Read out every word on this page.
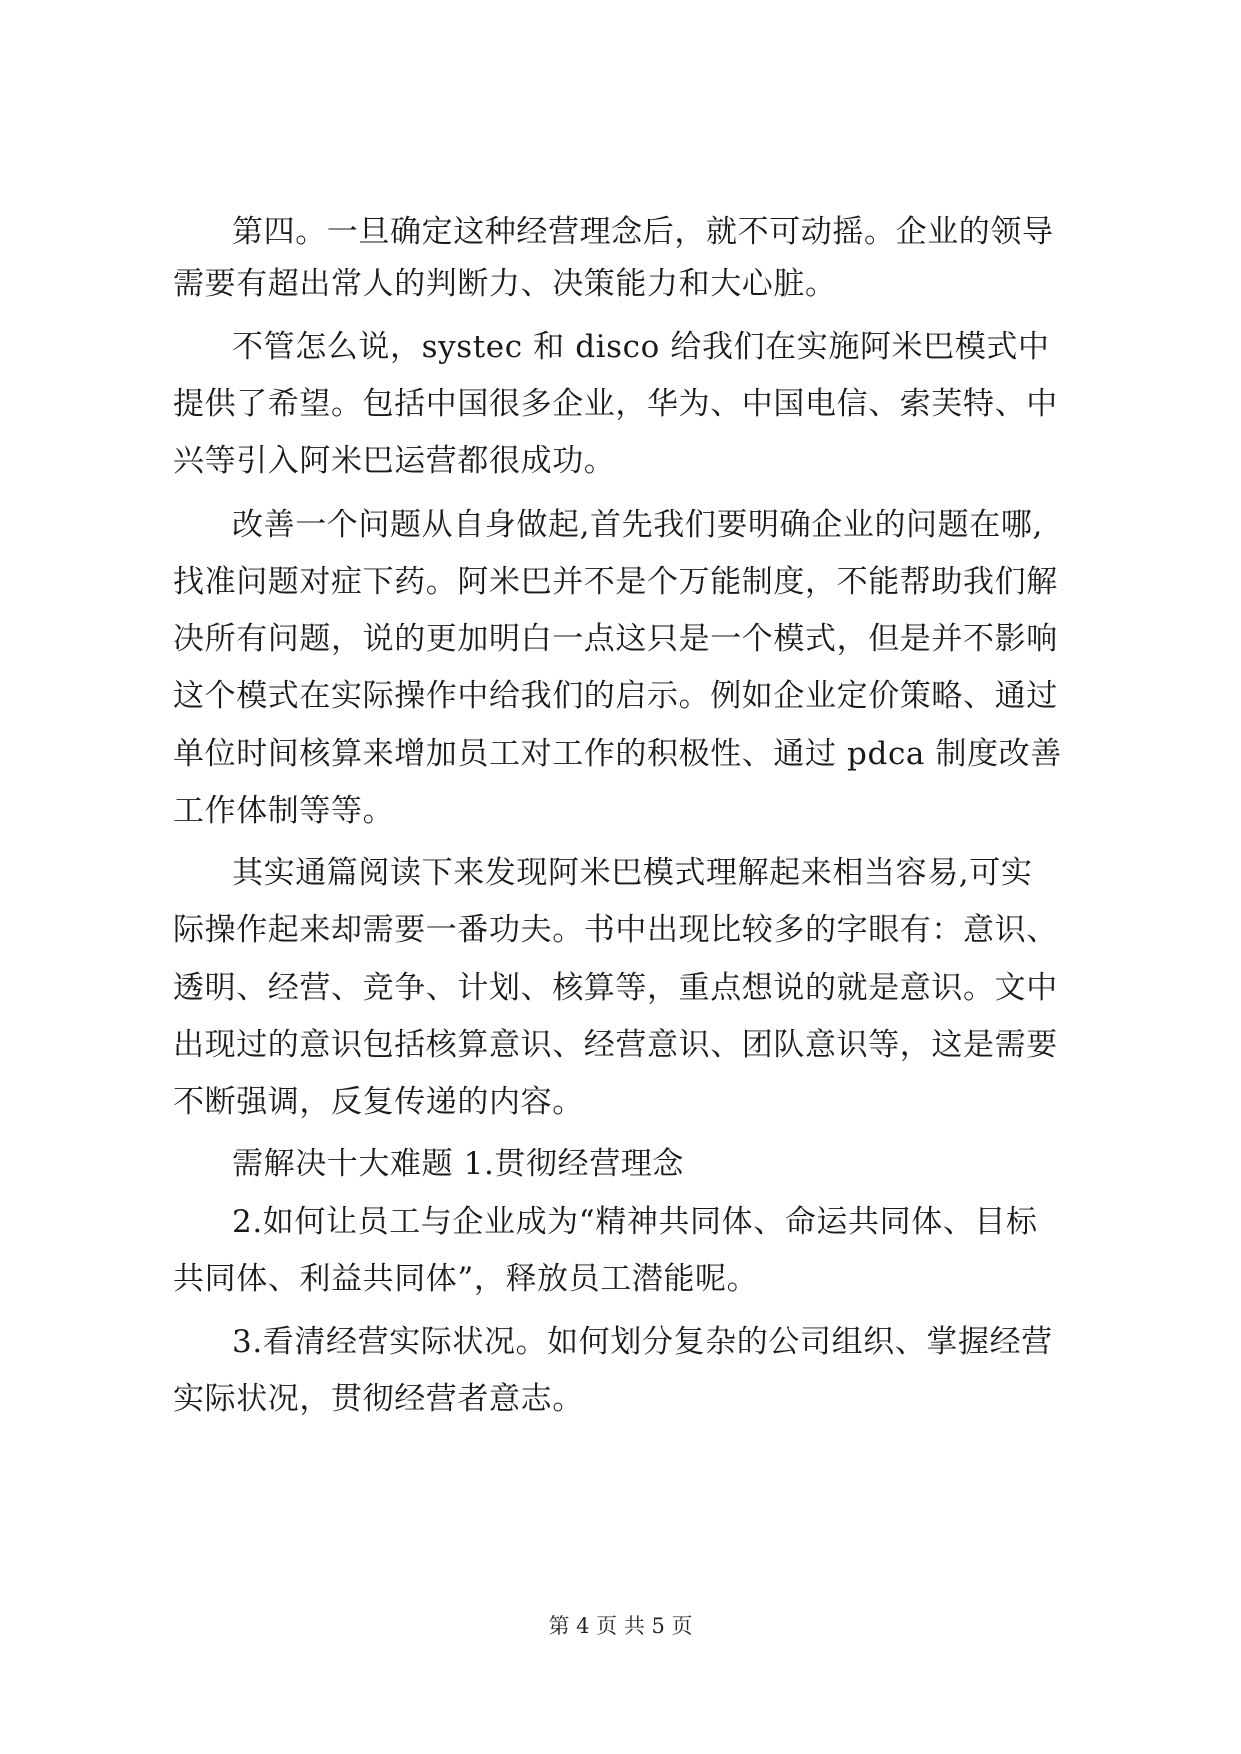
第四。一旦确定这种经营理念后，就不可动摇。企业的领导
需要有超出常人的判断力、决策能力和大心脏。
不管怎么说，systec 和 disco 给我们在实施阿米巴模式中
提供了希望。包括中国很多企业，华为、中国电信、索芙特、中
兴等引入阿米巴运营都很成功。
改善一个问题从自身做起,首先我们要明确企业的问题在哪,
找准问题对症下药。阿米巴并不是个万能制度，不能帮助我们解
决所有问题，说的更加明白一点这只是一个模式，但是并不影响
这个模式在实际操作中给我们的启示。例如企业定价策略、通过
单位时间核算来增加员工对工作的积极性、通过 pdca 制度改善
工作体制等等。
其实通篇阅读下来发现阿米巴模式理解起来相当容易,可实
际操作起来却需要一番功夫。书中出现比较多的字眼有：意识、
透明、经营、竞争、计划、核算等，重点想说的就是意识。文中
出现过的意识包括核算意识、经营意识、团队意识等，这是需要
不断强调，反复传递的内容。
需解决十大难题 1.贯彻经营理念
2.如何让员工与企业成为“精神共同体、命运共同体、目标
共同体、利益共同体”，释放员工潜能呢。
3.看清经营实际状况。如何划分复杂的公司组织、掌握经营
实际状况，贯彻经营者意志。
第 4 页 共 5 页
